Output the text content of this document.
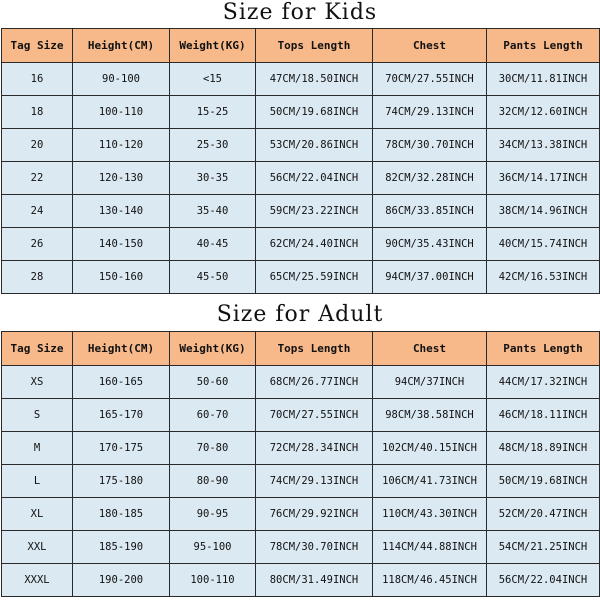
Size for Kids
Tag Size	Height(CM)	Weight(KG)	Tops Length	Chest	Pants Length
16	90-100	<15	47CM/18.50INCH	70CM/27.55INCH	30CM/11.81INCH
18	100-110	15-25	50CM/19.68INCH	74CM/29.13INCH	32CM/12.60INCH
20	110-120	25-30	53CM/20.86INCH	78CM/30.70INCH	34CM/13.38INCH
22	120-130	30-35	56CM/22.04INCH	82CM/32.28INCH	36CM/14.17INCH
24	130-140	35-40	59CM/23.22INCH	86CM/33.85INCH	38CM/14.96INCH
26	140-150	40-45	62CM/24.40INCH	90CM/35.43INCH	40CM/15.74INCH
28	150-160	45-50	65CM/25.59INCH	94CM/37.00INCH	42CM/16.53INCH
Size for Adult
Tag Size	Height(CM)	Weight(KG)	Tops Length	Chest	Pants Length
XS	160-165	50-60	68CM/26.77INCH	94CM/37INCH	44CM/17.32INCH
S	165-170	60-70	70CM/27.55INCH	98CM/38.58INCH	46CM/18.11INCH
M	170-175	70-80	72CM/28.34INCH	102CM/40.15INCH	48CM/18.89INCH
L	175-180	80-90	74CM/29.13INCH	106CM/41.73INCH	50CM/19.68INCH
XL	180-185	90-95	76CM/29.92INCH	110CM/43.30INCH	52CM/20.47INCH
XXL	185-190	95-100	78CM/30.70INCH	114CM/44.88INCH	54CM/21.25INCH
XXXL	190-200	100-110	80CM/31.49INCH	118CM/46.45INCH	56CM/22.04INCH
